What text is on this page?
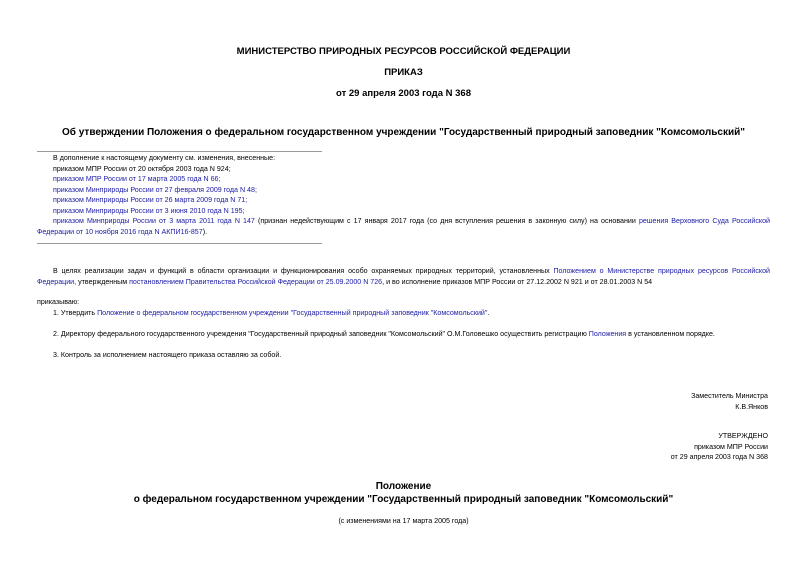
МИНИСТЕРСТВО ПРИРОДНЫХ РЕСУРСОВ РОССИЙСКОЙ ФЕДЕРАЦИИ
ПРИКАЗ
от 29 апреля 2003 года N 368
Об утверждении Положения о федеральном государственном учреждении "Государственный природный заповедник "Комсомольский"
В дополнение к настоящему документу см. изменения, внесенные:
приказом МПР России от 20 октября 2003 года N 924;
приказом МПР России от 17 марта 2005 года N 66;
приказом Минприроды России от 27 февраля 2009 года N 48;
приказом Минприроды России от 26 марта 2009 года N 71;
приказом Минприроды России от 3 июня 2010 года N 195;
приказом Минприроды России от 3 марта 2011 года N 147 (признан недействующим с 17 января 2017 года (со дня вступления решения в законную силу) на основании решения Верховного Суда Российской Федерации от 10 ноября 2016 года N АКПИ16-857).
В целях реализации задач и функций в области организации и функционирования особо охраняемых природных территорий, установленных Положением о Министерстве природных ресурсов Российской Федерации, утвержденным постановлением Правительства Российской Федерации от 25.09.2000 N 726, и во исполнение приказов МПР России от 27.12.2002 N 921 и от 28.01.2003 N 54
приказываю:
1. Утвердить Положение о федеральном государственном учреждении "Государственный природный заповедник "Комсомольский".
2. Директору федерального государственного учреждения "Государственный природный заповедник "Комсомольский" О.М.Головешко осуществить регистрацию Положения в установленном порядке.
3. Контроль за исполнением настоящего приказа оставляю за собой.
Заместитель Министра
К.В.Янков
УТВЕРЖДЕНО
приказом МПР России
от 29 апреля 2003 года N 368
Положение
о федеральном государственном учреждении "Государственный природный заповедник "Комсомольский"
(с изменениями на 17 марта 2005 года)
